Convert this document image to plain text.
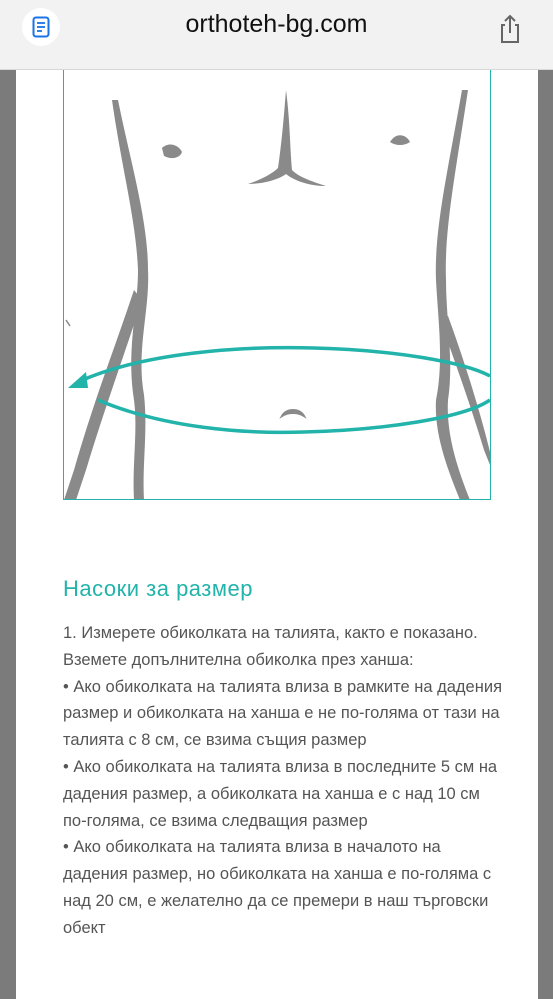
orthoteh-bg.com
Насоки за размер

1. Измерете обиколката на талията, както е показано.

Вземете допълнителна обиколка през ханша:

• Ако обиколката на талията влиза в рамките на дадения размер и обиколката на ханша е не по-голяма от тази на талията с 8 см, се взима същия размер

• Ако обиколката на талията влиза в последните 5 см на дадения размер, а обиколката на ханша е с над 10 см по-голяма, се взима следващия размер

• Ако обиколката на талията влиза в началото на дадения размер, но обиколката на ханша е по-голяма с над 20 см, е желателно да се премери в наш търговски обект
